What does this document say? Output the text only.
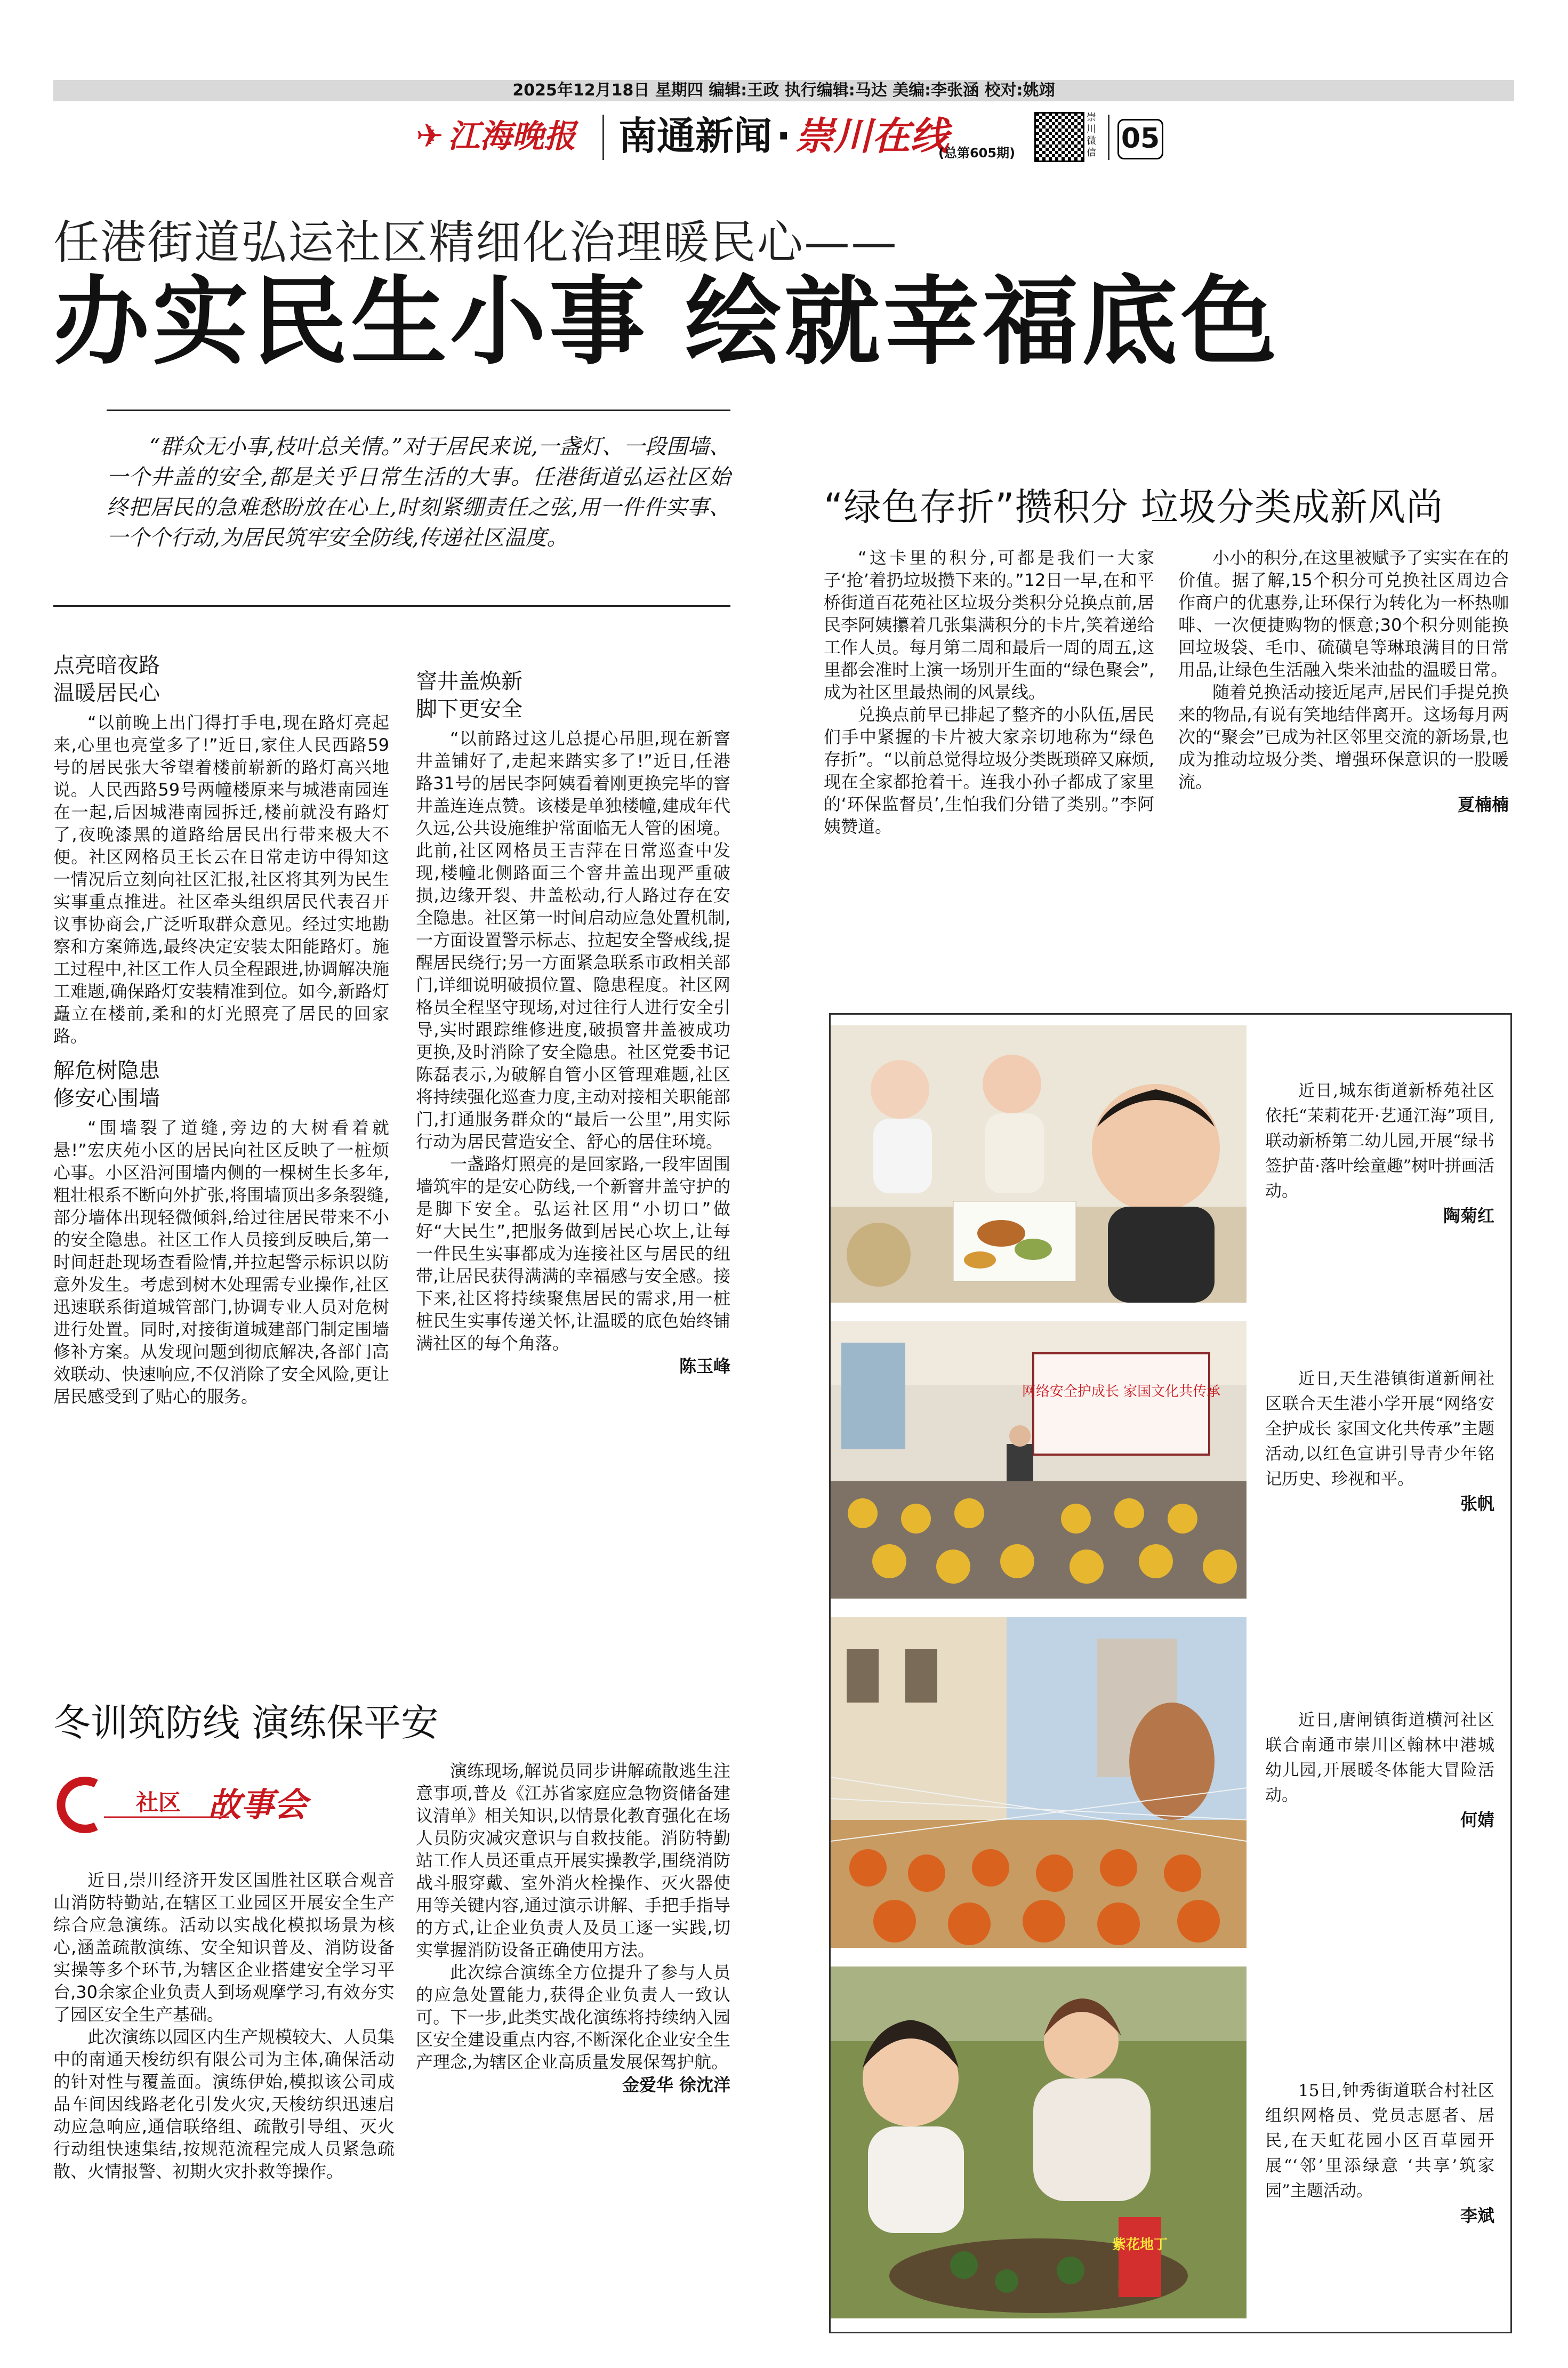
2025年12月18日 星期四 编辑:王政 执行编辑:马达 美编:李张涵 校对:姚翊
✈ 江海晚报 南通新闻 · 崇川在线
(总第605期)
崇川微信 05
任港街道弘运社区精细化治理暖民心——
办实民生小事 绘就幸福底色
“群众无小事,枝叶总关情。”对于居民来说,一盏灯、一段围墙、一个井盖的安全,都是关乎日常生活的大事。任港街道弘运社区始终把居民的急难愁盼放在心上,时刻紧绷责任之弦,用一件件实事、一个个行动,为居民筑牢安全防线,传递社区温度。
点亮暗夜路
温暖居民心

“以前晚上出门得打手电,现在路灯亮起来,心里也亮堂多了!”近日,家住人民西路59号的居民张大爷望着楼前崭新的路灯高兴地说。人民西路59号两幢楼原来与城港南园连在一起,后因城港南园拆迁,楼前就没有路灯了,夜晚漆黑的道路给居民出行带来极大不便。社区网格员王长云在日常走访中得知这一情况后立刻向社区汇报,社区将其列为民生实事重点推进。社区牵头组织居民代表召开议事协商会,广泛听取群众意见。经过实地勘察和方案筛选,最终决定安装太阳能路灯。施工过程中,社区工作人员全程跟进,协调解决施工难题,确保路灯安装精准到位。如今,新路灯矗立在楼前,柔和的灯光照亮了居民的回家路。

解危树隐患
修安心围墙

“围墙裂了道缝,旁边的大树看着就悬!”宏庆苑小区的居民向社区反映了一桩烦心事。小区沿河围墙内侧的一棵树生长多年,粗壮根系不断向外扩张,将围墙顶出多条裂缝,部分墙体出现轻微倾斜,给过往居民带来不小的安全隐患。社区工作人员接到反映后,第一时间赶赴现场查看险情,并拉起警示标识以防意外发生。考虑到树木处理需专业操作,社区迅速联系街道城管部门,协调专业人员对危树进行处置。同时,对接街道城建部门制定围墙修补方案。从发现问题到彻底解决,各部门高效联动、快速响应,不仅消除了安全风险,更让居民感受到了贴心的服务。

窨井盖焕新
脚下更安全

“以前路过这儿总提心吊胆,现在新窨井盖铺好了,走起来踏实多了!”近日,任港路31号的居民李阿姨看着刚更换完毕的窨井盖连连点赞。该楼是单独楼幢,建成年代久远,公共设施维护常面临无人管的困境。此前,社区网格员王吉萍在日常巡查中发现,楼幢北侧路面三个窨井盖出现严重破损,边缘开裂、井盖松动,行人路过存在安全隐患。社区第一时间启动应急处置机制,一方面设置警示标志、拉起安全警戒线,提醒居民绕行;另一方面紧急联系市政相关部门,详细说明破损位置、隐患程度。社区网格员全程坚守现场,对过往行人进行安全引导,实时跟踪维修进度,破损窨井盖被成功更换,及时消除了安全隐患。社区党委书记陈磊表示,为破解自管小区管理难题,社区将持续强化巡查力度,主动对接相关职能部门,打通服务群众的“最后一公里”,用实际行动为居民营造安全、舒心的居住环境。

一盏路灯照亮的是回家路,一段牢固围墙筑牢的是安心防线,一个新窨井盖守护的是脚下安全。弘运社区用“小切口”做好“大民生”,把服务做到居民心坎上,让每一件民生实事都成为连接社区与居民的纽带,让居民获得满满的幸福感与安全感。接下来,社区将持续聚焦居民的需求,用一桩桩民生实事传递关怀,让温暖的底色始终铺满社区的每个角落。

陈玉峰
“绿色存折”攒积分 垃圾分类成新风尚

“这卡里的积分,可都是我们一大家子‘抢’着扔垃圾攒下来的。”12日一早,在和平桥街道百花苑社区垃圾分类积分兑换点前,居民李阿姨攥着几张集满积分的卡片,笑着递给工作人员。每月第二周和最后一周的周五,这里都会准时上演一场别开生面的“绿色聚会”,成为社区里最热闹的风景线。

兑换点前早已排起了整齐的小队伍,居民们手中紧握的卡片被大家亲切地称为“绿色存折”。“以前总觉得垃圾分类既琐碎又麻烦,现在全家都抢着干。连我小孙子都成了家里的‘环保监督员’,生怕我们分错了类别。”李阿姨赞道。

小小的积分,在这里被赋予了实实在在的价值。据了解,15个积分可兑换社区周边合作商户的优惠券,让环保行为转化为一杯热咖啡、一次便捷购物的惬意;30个积分则能换回垃圾袋、毛巾、硫磺皂等琳琅满目的日常用品,让绿色生活融入柴米油盐的温暖日常。

随着兑换活动接近尾声,居民们手提兑换来的物品,有说有笑地结伴离开。这场每月两次的“聚会”已成为社区邻里交流的新场景,也成为推动垃圾分类、增强环保意识的一股暖流。

夏楠楠
近日,城东街道新桥苑社区依托“茉莉花开·艺通江海”项目,联动新桥第二幼儿园,开展“绿书签护苗·落叶绘童趣”树叶拼画活动。
陶菊红
网络安全护成长 家国文化共传承
近日,天生港镇街道新闸社区联合天生港小学开展“网络安全护成长 家国文化共传承”主题活动,以红色宣讲引导青少年铭记历史、珍视和平。
张帆
近日,唐闸镇街道横河社区联合南通市崇川区翰林中港城幼儿园,开展暖冬体能大冒险活动。
何婧
紫花地丁
15日,钟秀街道联合村社区组织网格员、党员志愿者、居民,在天虹花园小区百草园开展“‘邻’里添绿意 ‘共享’筑家园”主题活动。
李斌
冬训筑防线 演练保平安
社区 故事会

近日,崇川经济开发区国胜社区联合观音山消防特勤站,在辖区工业园区开展安全生产综合应急演练。活动以实战化模拟场景为核心,涵盖疏散演练、安全知识普及、消防设备实操等多个环节,为辖区企业搭建安全学习平台,30余家企业负责人到场观摩学习,有效夯实了园区安全生产基础。

此次演练以园区内生产规模较大、人员集中的南通天梭纺织有限公司为主体,确保活动的针对性与覆盖面。演练伊始,模拟该公司成品车间因线路老化引发火灾,天梭纺织迅速启动应急响应,通信联络组、疏散引导组、灭火行动组快速集结,按规范流程完成人员紧急疏散、火情报警、初期火灾扑救等操作。

演练现场,解说员同步讲解疏散逃生注意事项,普及《江苏省家庭应急物资储备建议清单》相关知识,以情景化教育强化在场人员防灾减灾意识与自救技能。消防特勤站工作人员还重点开展实操教学,围绕消防战斗服穿戴、室外消火栓操作、灭火器使用等关键内容,通过演示讲解、手把手指导的方式,让企业负责人及员工逐一实践,切实掌握消防设备正确使用方法。

此次综合演练全方位提升了参与人员的应急处置能力,获得企业负责人一致认可。下一步,此类实战化演练将持续纳入园区安全建设重点内容,不断深化企业安全生产理念,为辖区企业高质量发展保驾护航。

金爱华 徐沈洋
